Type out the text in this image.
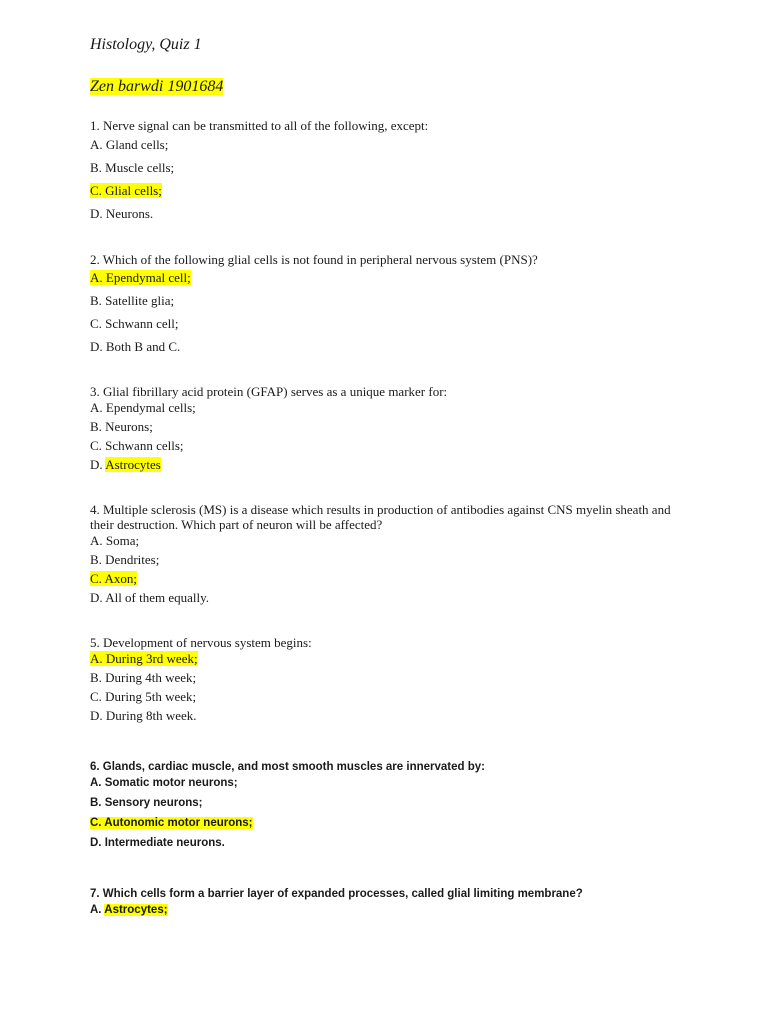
Histology, Quiz 1
Zen barwdi 1901684

1. Nerve signal can be transmitted to all of the following, except:

A. Gland cells;
B. Muscle cells;
C. Glial cells;
D. Neurons.

2. Which of the following glial cells is not found in peripheral nervous system (PNS)?

A. Ependymal cell;
B. Satellite glia;
C. Schwann cell;
D. Both B and C.

3. Glial fibrillary acid protein (GFAP) serves as a unique marker for:

A. Ependymal cells;
B. Neurons;
C. Schwann cells;
D. Astrocytes

4. Multiple sclerosis (MS) is a disease which results in production of antibodies against CNS myelin sheath and their destruction. Which part of neuron will be affected?

A. Soma;
B. Dendrites;
C. Axon;
D. All of them equally.

5. Development of nervous system begins:

A. During 3rd week;
B. During 4th week;
C. During 5th week;
D. During 8th week.

6. Glands, cardiac muscle, and most smooth muscles are innervated by:

A. Somatic motor neurons;
B. Sensory neurons;
C. Autonomic motor neurons;
D. Intermediate neurons.

7. Which cells form a barrier layer of expanded processes, called glial limiting membrane?

A. Astrocytes;
